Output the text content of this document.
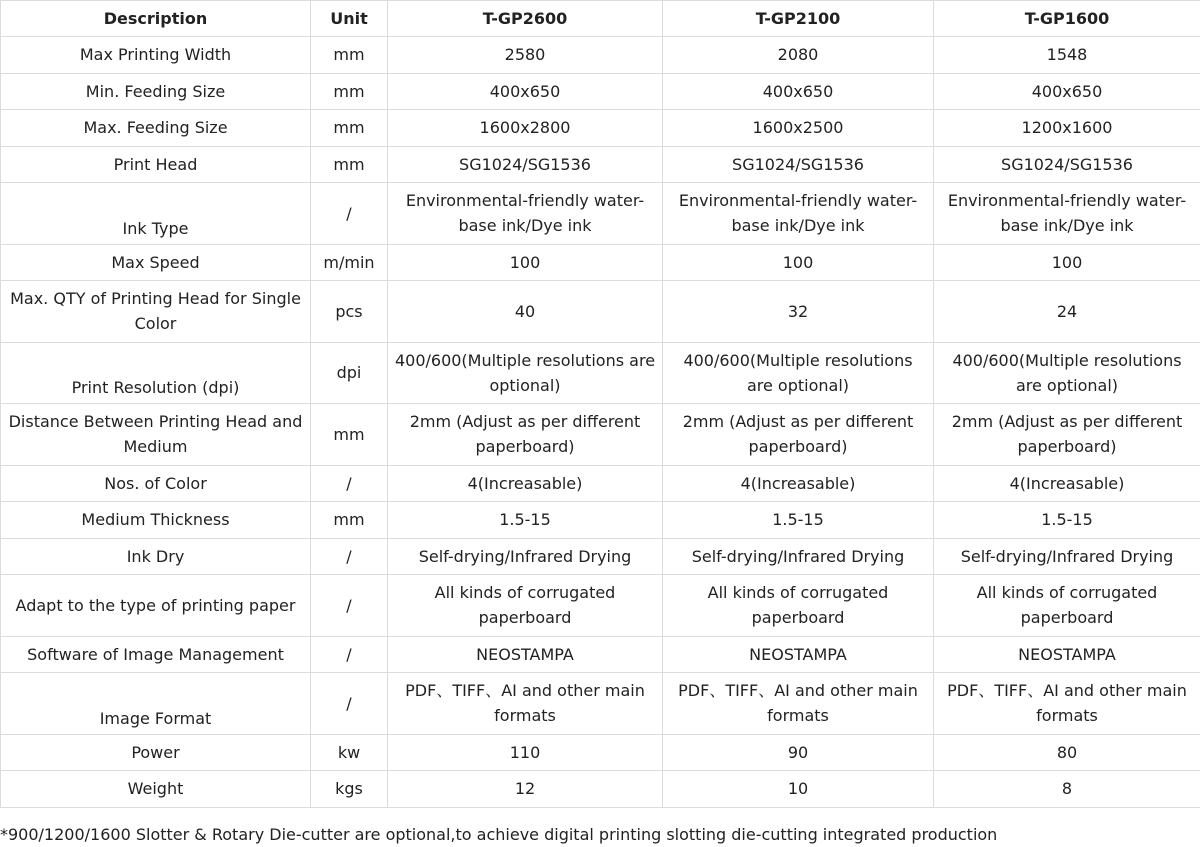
Description	Unit	T-GP2600	T-GP2100	T-GP1600
Max Printing Width	mm	2580	2080	1548
Min. Feeding Size	mm	400x650	400x650	400x650
Max. Feeding Size	mm	1600x2800	1600x2500	1200x1600
Print Head	mm	SG1024/SG1536	SG1024/SG1536	SG1024/SG1536
Ink Type	/	Environmental-friendly water-base ink/Dye ink	Environmental-friendly water-base ink/Dye ink	Environmental-friendly water-base ink/Dye ink
Max Speed	m/min	100	100	100
Max. QTY of Printing Head for Single Color	pcs	40	32	24
Print Resolution (dpi)	dpi	400/600(Multiple resolutions are optional)	400/600(Multiple resolutions are optional)	400/600(Multiple resolutions are optional)
Distance Between Printing Head and Medium	mm	2mm (Adjust as per different paperboard)	2mm (Adjust as per different paperboard)	2mm (Adjust as per different paperboard)
Nos. of Color	/	4(Increasable)	4(Increasable)	4(Increasable)
Medium Thickness	mm	1.5-15	1.5-15	1.5-15
Ink Dry	/	Self-drying/Infrared Drying	Self-drying/Infrared Drying	Self-drying/Infrared Drying
Adapt to the type of printing paper	/	All kinds of corrugated paperboard	All kinds of corrugated paperboard	All kinds of corrugated paperboard
Software of Image Management	/	NEOSTAMPA	NEOSTAMPA	NEOSTAMPA
Image Format	/	PDF、TIFF、AI and other main formats	PDF、TIFF、AI and other main formats	PDF、TIFF、AI and other main formats
Power	kw	110	90	80
Weight	kgs	12	10	8
*900/1200/1600 Slotter & Rotary Die-cutter are optional,to achieve digital printing slotting die-cutting integrated production
